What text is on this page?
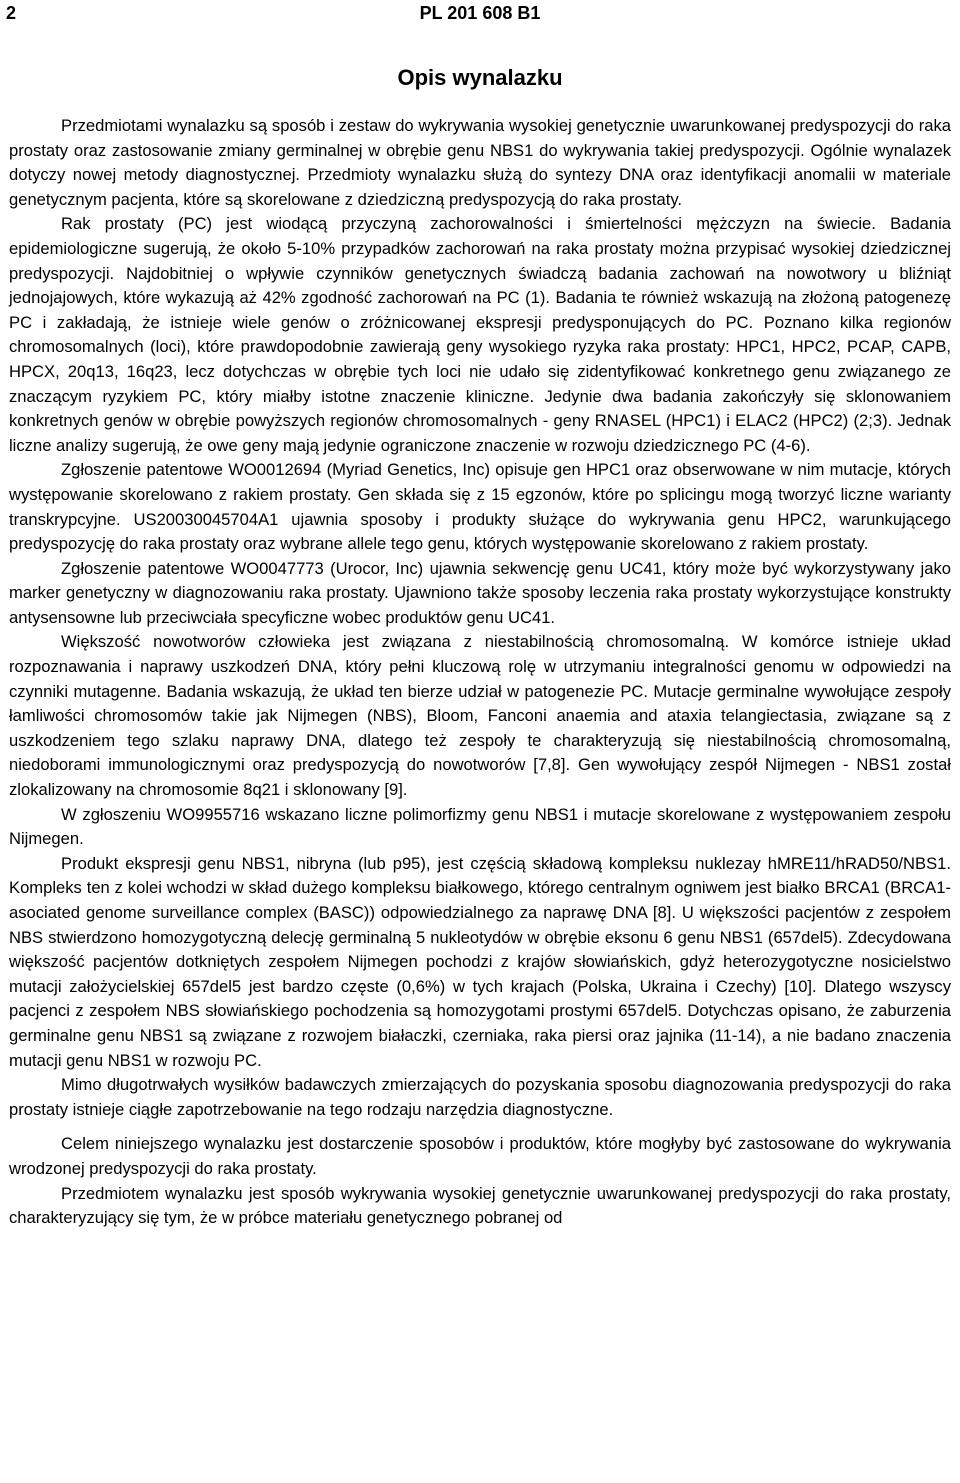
2	PL 201 608 B1
Opis wynalazku

Przedmiotami wynalazku są sposób i zestaw do wykrywania wysokiej genetycznie uwarunkowanej predyspozycji do raka prostaty oraz zastosowanie zmiany germinalnej w obrębie genu NBS1 do wykrywania takiej predyspozycji. Ogólnie wynalazek dotyczy nowej metody diagnostycznej. Przedmioty wynalazku służą do syntezy DNA oraz identyfikacji anomalii w materiale genetycznym pacjenta, które są skorelowane z dziedziczną predyspozycją do raka prostaty.

Rak prostaty (PC) jest wiodącą przyczyną zachorowalności i śmiertelności mężczyzn na świecie. Badania epidemiologiczne sugerują, że około 5-10% przypadków zachorowań na raka prostaty można przypisać wysokiej dziedzicznej predyspozycji. Najdobitniej o wpływie czynników genetycznych świadczą badania zachowań na nowotwory u bliźniąt jednojajowych, które wykazują aż 42% zgodność zachorowań na PC (1). Badania te również wskazują na złożoną patogenezę PC i zakładają, że istnieje wiele genów o zróżnicowanej ekspresji predysponujących do PC. Poznano kilka regionów chromosomalnych (loci), które prawdopodobnie zawierają geny wysokiego ryzyka raka prostaty: HPC1, HPC2, PCAP, CAPB, HPCX, 20q13, 16q23, lecz dotychczas w obrębie tych loci nie udało się zidentyfikować konkretnego genu związanego ze znaczącym ryzykiem PC, który miałby istotne znaczenie kliniczne. Jedynie dwa badania zakończyły się sklonowaniem konkretnych genów w obrębie powyższych regionów chromosomalnych - geny RNASEL (HPC1) i ELAC2 (HPC2) (2;3). Jednak liczne analizy sugerują, że owe geny mają jedynie ograniczone znaczenie w rozwoju dziedzicznego PC (4-6).

Zgłoszenie patentowe WO0012694 (Myriad Genetics, Inc) opisuje gen HPC1 oraz obserwowane w nim mutacje, których występowanie skorelowano z rakiem prostaty. Gen składa się z 15 egzonów, które po splicingu mogą tworzyć liczne warianty transkrypcyjne. US20030045704A1 ujawnia sposoby i produkty służące do wykrywania genu HPC2, warunkującego predyspozycję do raka prostaty oraz wybrane allele tego genu, których występowanie skorelowano z rakiem prostaty.

Zgłoszenie patentowe WO0047773 (Urocor, Inc) ujawnia sekwencję genu UC41, który może być wykorzystywany jako marker genetyczny w diagnozowaniu raka prostaty. Ujawniono także sposoby leczenia raka prostaty wykorzystujące konstrukty antysensowne lub przeciwciała specyficzne wobec produktów genu UC41.

Większość nowotworów człowieka jest związana z niestabilnością chromosomalną. W komórce istnieje układ rozpoznawania i naprawy uszkodzeń DNA, który pełni kluczową rolę w utrzymaniu integralności genomu w odpowiedzi na czynniki mutagenne. Badania wskazują, że układ ten bierze udział w patogenezie PC. Mutacje germinalne wywołujące zespoły łamliwości chromosomów takie jak Nijmegen (NBS), Bloom, Fanconi anaemia and ataxia telangiectasia, związane są z uszkodzeniem tego szlaku naprawy DNA, dlatego też zespoły te charakteryzują się niestabilnością chromosomalną, niedoborami immunologicznymi oraz predyspozycją do nowotworów [7,8]. Gen wywołujący zespół Nijmegen - NBS1 został zlokalizowany na chromosomie 8q21 i sklonowany [9].

W zgłoszeniu WO9955716 wskazano liczne polimorfizmy genu NBS1 i mutacje skorelowane z występowaniem zespołu Nijmegen.

Produkt ekspresji genu NBS1, nibryna (lub p95), jest częścią składową kompleksu nuklezay hMRE11/hRAD50/NBS1. Kompleks ten z kolei wchodzi w skład dużego kompleksu białkowego, którego centralnym ogniwem jest białko BRCA1 (BRCA1-asociated genome surveillance complex (BASC)) odpowiedzialnego za naprawę DNA [8]. U większości pacjentów z zespołem NBS stwierdzono homozygotyczną delecję germinalną 5 nukleotydów w obrębie eksonu 6 genu NBS1 (657del5). Zdecydowana większość pacjentów dotkniętych zespołem Nijmegen pochodzi z krajów słowiańskich, gdyż heterozygotyczne nosicielstwo mutacji założycielskiej 657del5 jest bardzo częste (0,6%) w tych krajach (Polska, Ukraina i Czechy) [10]. Dlatego wszyscy pacjenci z zespołem NBS słowiańskiego pochodzenia są homozygotami prostymi 657del5. Dotychczas opisano, że zaburzenia germinalne genu NBS1 są związane z rozwojem białaczki, czerniaka, raka piersi oraz jajnika (11-14), a nie badano znaczenia mutacji genu NBS1 w rozwoju PC.

Mimo długotrwałych wysiłków badawczych zmierzających do pozyskania sposobu diagnozowania predyspozycji do raka prostaty istnieje ciągłe zapotrzebowanie na tego rodzaju narzędzia diagnostyczne.

Celem niniejszego wynalazku jest dostarczenie sposobów i produktów, które mogłyby być zastosowane do wykrywania wrodzonej predyspozycji do raka prostaty.

Przedmiotem wynalazku jest sposób wykrywania wysokiej genetycznie uwarunkowanej predyspozycji do raka prostaty, charakteryzujący się tym, że w próbce materiału genetycznego pobranej od
